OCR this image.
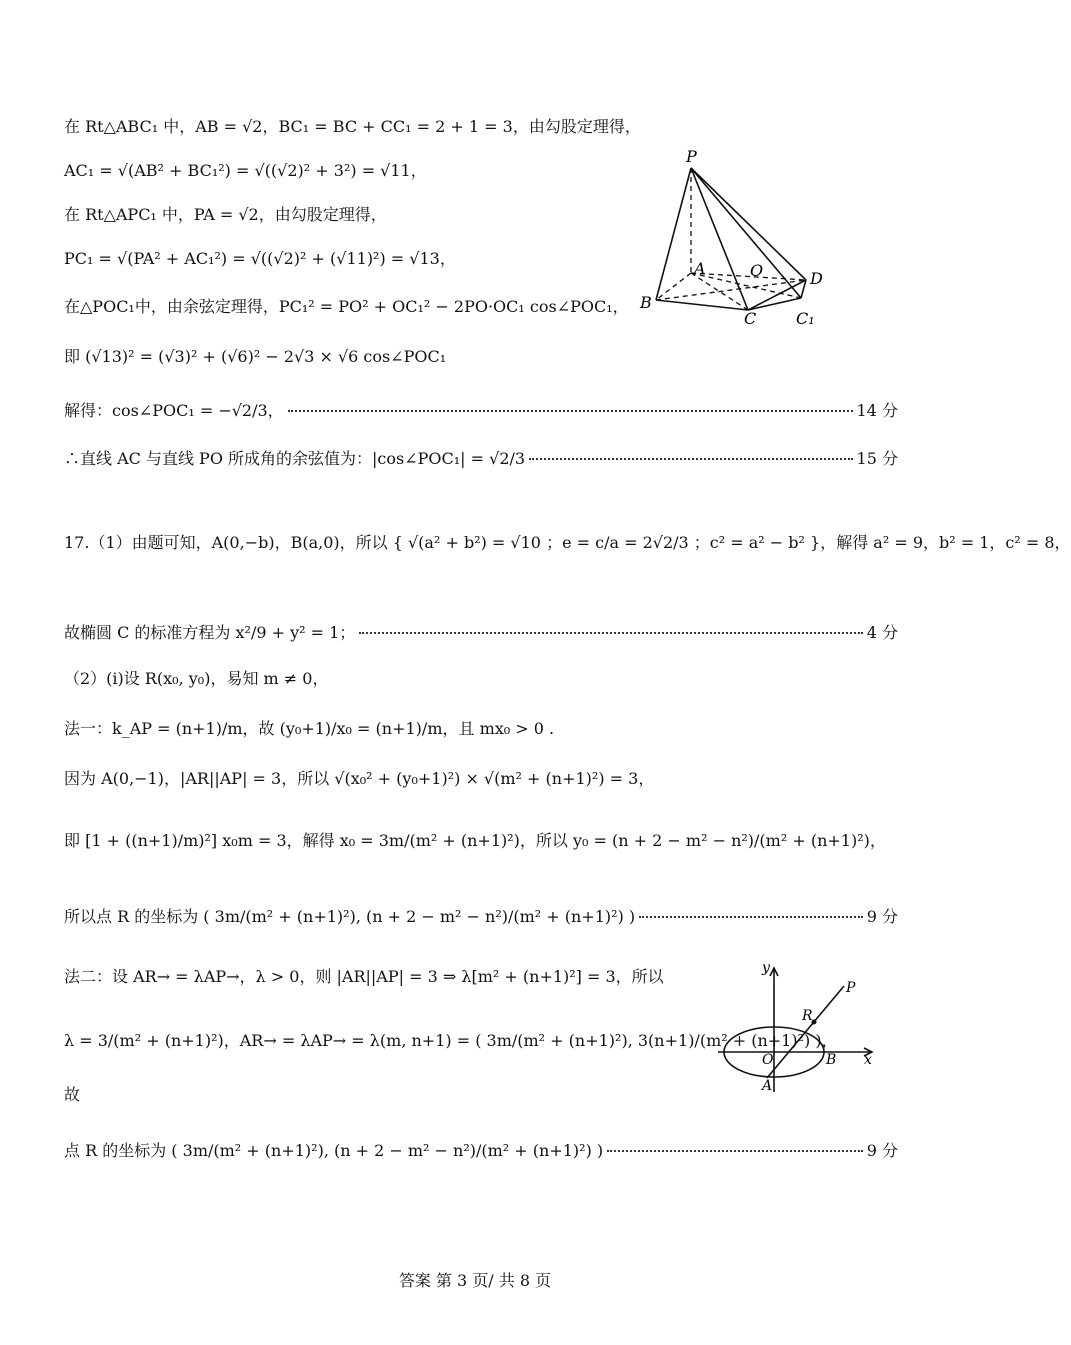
在 Rt△ABC₁ 中，AB = √2，BC₁ = BC + CC₁ = 2 + 1 = 3，由勾股定理得，
AC₁ = √(AB² + BC₁²) = √((√2)² + 3²) = √11，
在 Rt△APC₁ 中，PA = √2，由勾股定理得，
PC₁ = √(PA² + AC₁²) = √((√2)² + (√11)²) = √13，
在△POC₁中，由余弦定理得，PC₁² = PO² + OC₁² − 2PO·OC₁ cos∠POC₁，
即 (√13)² = (√3)² + (√6)² − 2√3 × √6 cos∠POC₁
解得：cos∠POC₁ = −√2/3，	14 分
∴直线 AC 与直线 PO 所成角的余弦值为：|cos∠POC₁| = √2/3	15 分
17.（1）由题可知，A(0,−b)，B(a,0)，所以 { √(a² + b²) = √10 ；e = c/a = 2√2/3 ；c² = a² − b² }，解得 a² = 9，b² = 1，c² = 8，
故椭圆 C 的标准方程为 x²/9 + y² = 1；	4 分
（2）(i)设 R(x₀, y₀)，易知 m ≠ 0，
法一：k_AP = (n+1)/m，故 (y₀+1)/x₀ = (n+1)/m，且 mx₀ > 0 .
因为 A(0,−1)，|AR||AP| = 3，所以 √(x₀² + (y₀+1)²) × √(m² + (n+1)²) = 3，
即 [1 + ((n+1)/m)²] x₀m = 3，解得 x₀ = 3m/(m² + (n+1)²)，所以 y₀ = (n + 2 − m² − n²)/(m² + (n+1)²)，
所以点 R 的坐标为 ( 3m/(m² + (n+1)²), (n + 2 − m² − n²)/(m² + (n+1)²) )	9 分
法二：设 AR→ = λAP→，λ > 0，则 |AR||AP| = 3 ⇒ λ[m² + (n+1)²] = 3，所以
λ = 3/(m² + (n+1)²)，AR→ = λAP→ = λ(m, n+1) = ( 3m/(m² + (n+1)²), 3(n+1)/(m² + (n+1)²) )，
故
点 R 的坐标为 ( 3m/(m² + (n+1)²), (n + 2 − m² − n²)/(m² + (n+1)²) )	9 分
P
A	O	D
B
C C₁
y
x
P
R
O	B
A
答案 第 3 页/ 共 8 页
